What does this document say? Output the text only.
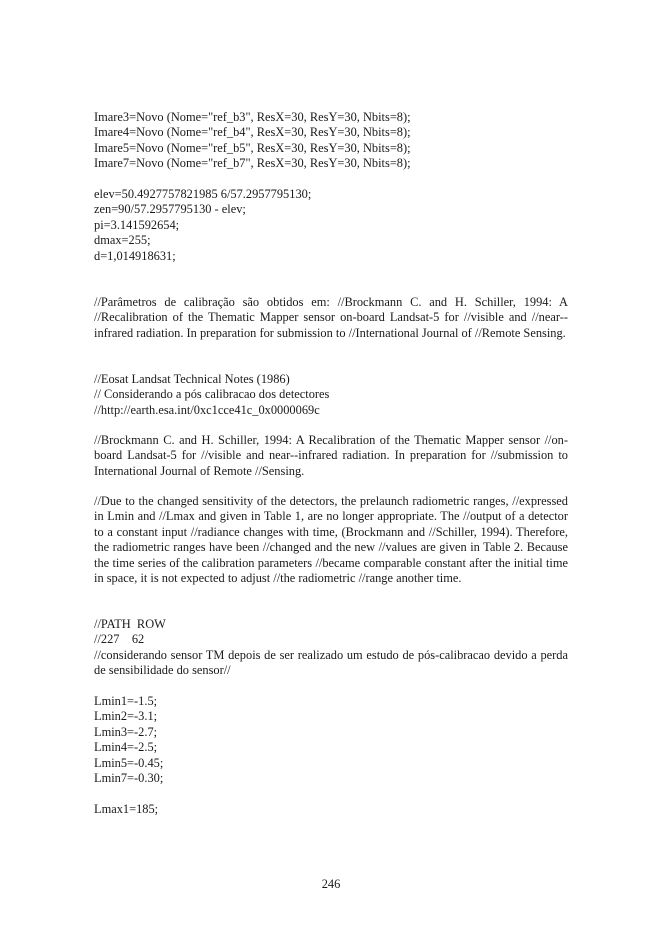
Imare3=Novo (Nome="ref_b3", ResX=30, ResY=30, Nbits=8);
Imare4=Novo (Nome="ref_b4", ResX=30, ResY=30, Nbits=8);
Imare5=Novo (Nome="ref_b5", ResX=30, ResY=30, Nbits=8);
Imare7=Novo (Nome="ref_b7", ResX=30, ResY=30, Nbits=8);
elev=50.4927757821985 6/57.2957795130;
zen=90/57.2957795130 - elev;
pi=3.141592654;
dmax=255;
d=1,014918631;
//Parâmetros de calibração são obtidos em: //Brockmann C. and H. Schiller, 1994: A //Recalibration of the Thematic Mapper sensor on-board Landsat-5 for //visible and //near--infrared radiation. In preparation for submission to //International Journal of //Remote Sensing.
//Eosat Landsat Technical Notes (1986)
// Considerando a pós calibracao dos detectores
//http://earth.esa.int/0xc1cce41c_0x0000069c
//Brockmann C. and H. Schiller, 1994: A Recalibration of the Thematic Mapper sensor //on-board Landsat-5 for //visible and near--infrared radiation. In preparation for //submission to International Journal of Remote //Sensing.
//Due to the changed sensitivity of the detectors, the prelaunch radiometric ranges, //expressed in Lmin and //Lmax and given in Table 1, are no longer appropriate. The //output of a detector to a constant input //radiance changes with time, (Brockmann and //Schiller, 1994). Therefore, the radiometric ranges have been //changed and the new //values are given in Table 2. Because the time series of the calibration parameters //became comparable constant after the initial time in space, it is not expected to adjust //the radiometric //range another time.
//PATH  ROW
//227    62
//considerando sensor TM depois de ser realizado um estudo de pós-calibracao devido a perda de sensibilidade do sensor//
Lmin1=-1.5;
Lmin2=-3.1;
Lmin3=-2.7;
Lmin4=-2.5;
Lmin5=-0.45;
Lmin7=-0.30;
Lmax1=185;
246
